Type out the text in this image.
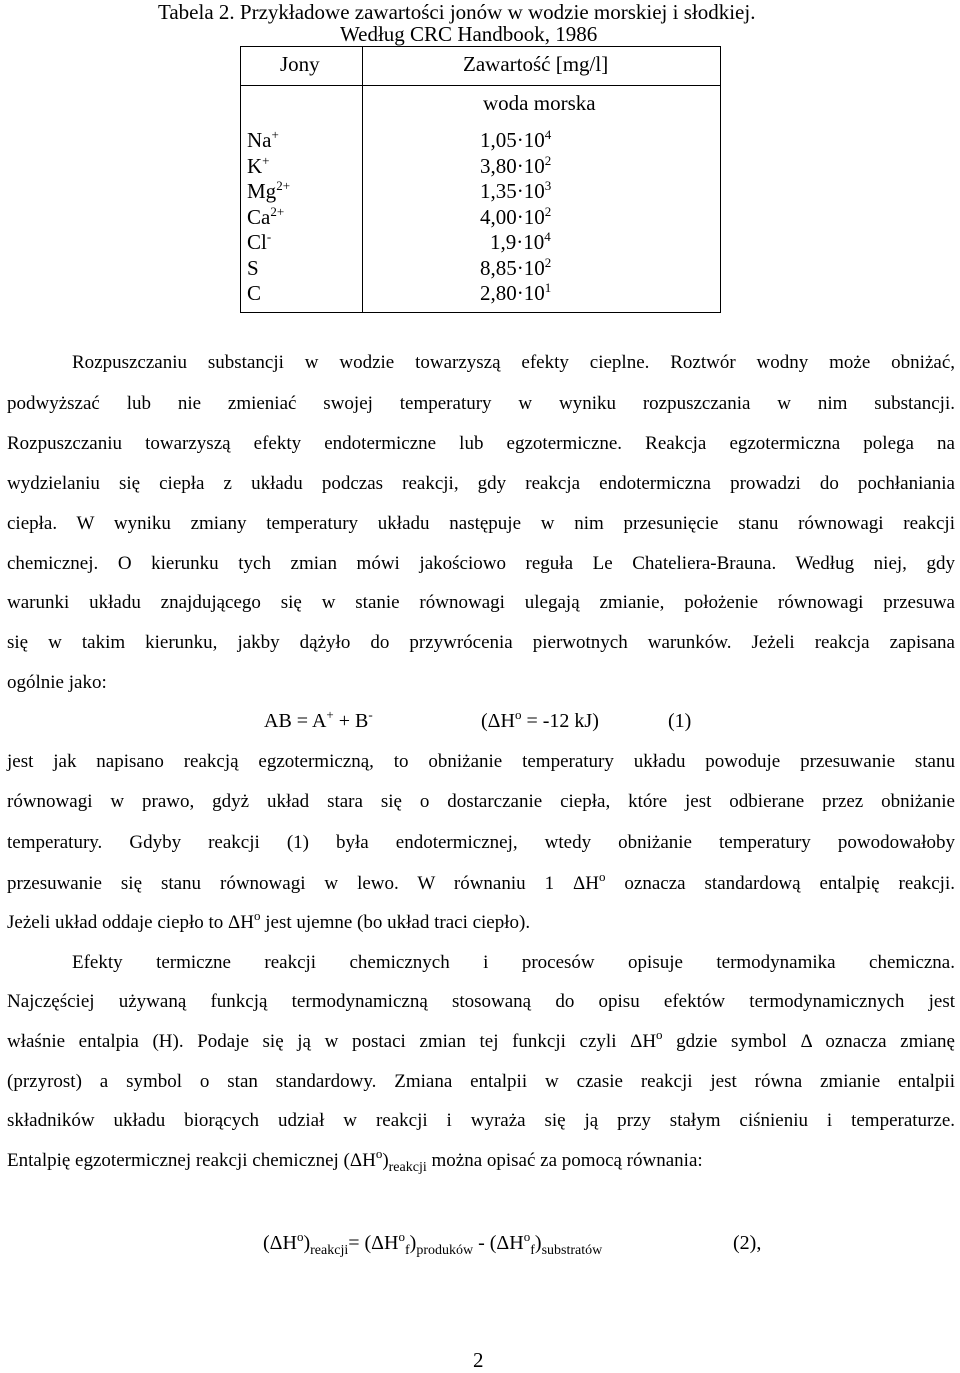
Tabela 2. Przykładowe zawartości jonów w wodzie morskiej i słodkiej.
Według CRC Handbook, 1986
Jony	Zawartość [mg/l]
woda morska
Na+	$1,05\cdot 10^4$
K+	$3,80\cdot 10^2$
$Mg^{2+}$	$1,35\cdot 10^3$
$Ca^{2+}$	$4,00\cdot 10^2$
Cl-	$1,9\cdot 10^4$
S	$8,85\cdot 10^2$
C	$2,80\cdot 10^1$
Rozpuszczaniu substancji w wodzie towarzyszą efekty cieplne. Roztwór wodny może obniżać,
podwyższać lub nie zmieniać swojej temperatury w wyniku rozpuszczania w nim substancji.
Rozpuszczaniu towarzyszą efekty endotermiczne lub egzotermiczne. Reakcja egzotermiczna polega na
wydzielaniu się ciepła z układu podczas reakcji, gdy reakcja endotermiczna prowadzi do pochłaniania
ciepła. W wyniku zmiany temperatury układu następuje w nim przesunięcie stanu równowagi reakcji
chemicznej. O kierunku tych zmian mówi jakościowo reguła Le Chateliera-Brauna. Według niej, gdy
warunki układu znajdującego się w stanie równowagi ulegają zmianie, położenie równowagi przesuwa
się w takim kierunku, jakby dążyło do przywrócenia pierwotnych warunków. Jeżeli reakcja zapisana
ogólnie jako:
AB = A+ + B-	($\Delta H^o = -12$ kJ)	(1)
jest jak napisano reakcją egzotermiczną, to obniżanie temperatury układu powoduje przesuwanie stanu
równowagi w prawo, gdyż układ stara się o dostarczanie ciepła, które jest odbierane przez obniżanie
temperatury. Gdyby reakcji (1) była endotermicznej, wtedy obniżanie temperatury powodowałoby
przesuwanie się stanu równowagi w lewo. W równaniu 1 $\Delta H^o$ oznacza standardową entalpię reakcji.
Jeżeli układ oddaje ciepło to $\Delta H^o$ jest ujemne (bo układ traci ciepło).
Efekty termiczne reakcji chemicznych i procesów opisuje termodynamika chemiczna.
Najczęściej używaną funkcją termodynamiczną stosowaną do opisu efektów termodynamicznych jest
właśnie entalpia (H). Podaje się ją w postaci zmian tej funkcji czyli $\Delta H^o$ gdzie symbol Δ oznacza zmianę
(przyrost) a symbol o stan standardowy. Zmiana entalpii w czasie reakcji jest równa zmianie entalpii
składników układu biorących udział w reakcji i wyraża się ją przy stałym ciśnieniu i temperaturze.
Entalpię egzotermicznej reakcji chemicznej $(\Delta H^o)_{reakcji}$ można opisać za pomocą równania:
$(\Delta H^o)_{reakcji}= (\Delta H^o_f)_{produków} - (\Delta H^o_f)_{substratów}$	(2),
2
